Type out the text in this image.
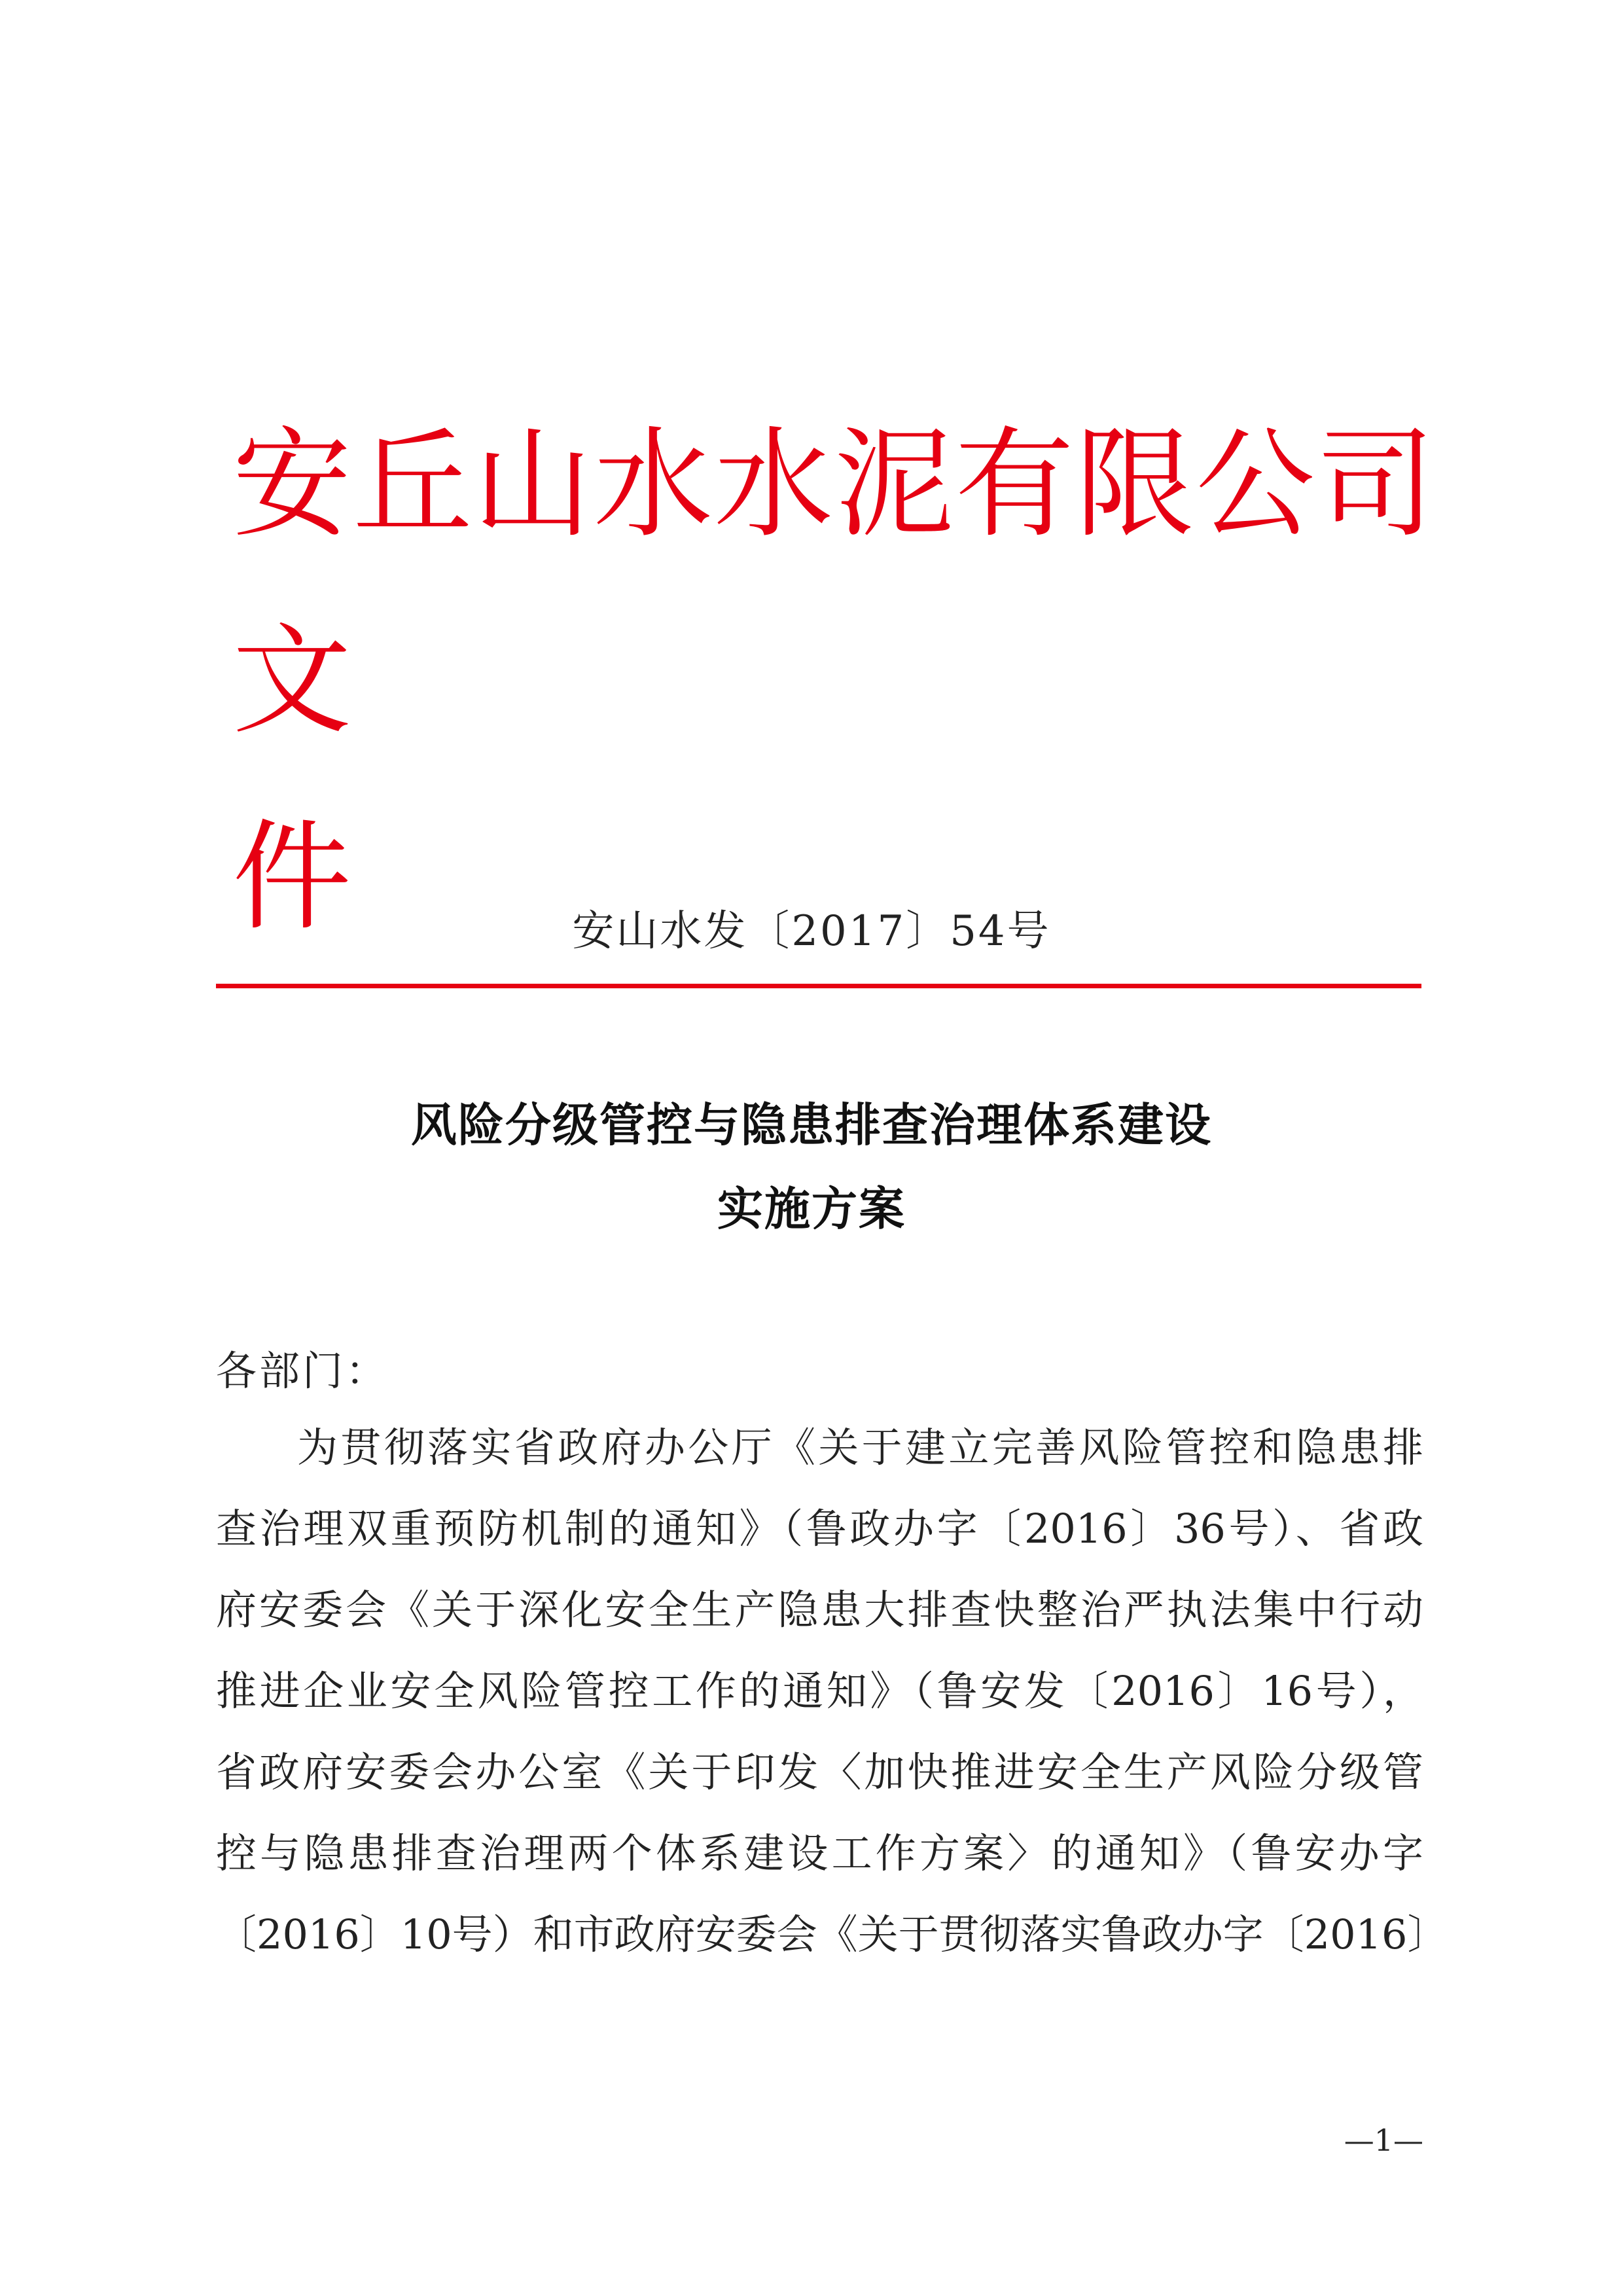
安丘山水水泥有限公司文
件	安山水发〔2017〕54号
风险分级管控与隐患排查治理体系建设
实施方案
各部门：
为贯彻落实省政府办公厅《关于建立完善风险管控和隐患排
查治理双重预防机制的通知》（鲁政办字〔2016〕36号）、省政
府安委会《关于深化安全生产隐患大排查快整治严执法集中行动
推进企业安全风险管控工作的通知》（鲁安发〔2016〕16号），
省政府安委会办公室《关于印发〈加快推进安全生产风险分级管
控与隐患排查治理两个体系建设工作方案〉的通知》（鲁安办字
〔2016〕10号）和市政府安委会《关于贯彻落实鲁政办字〔2016〕
—1—
